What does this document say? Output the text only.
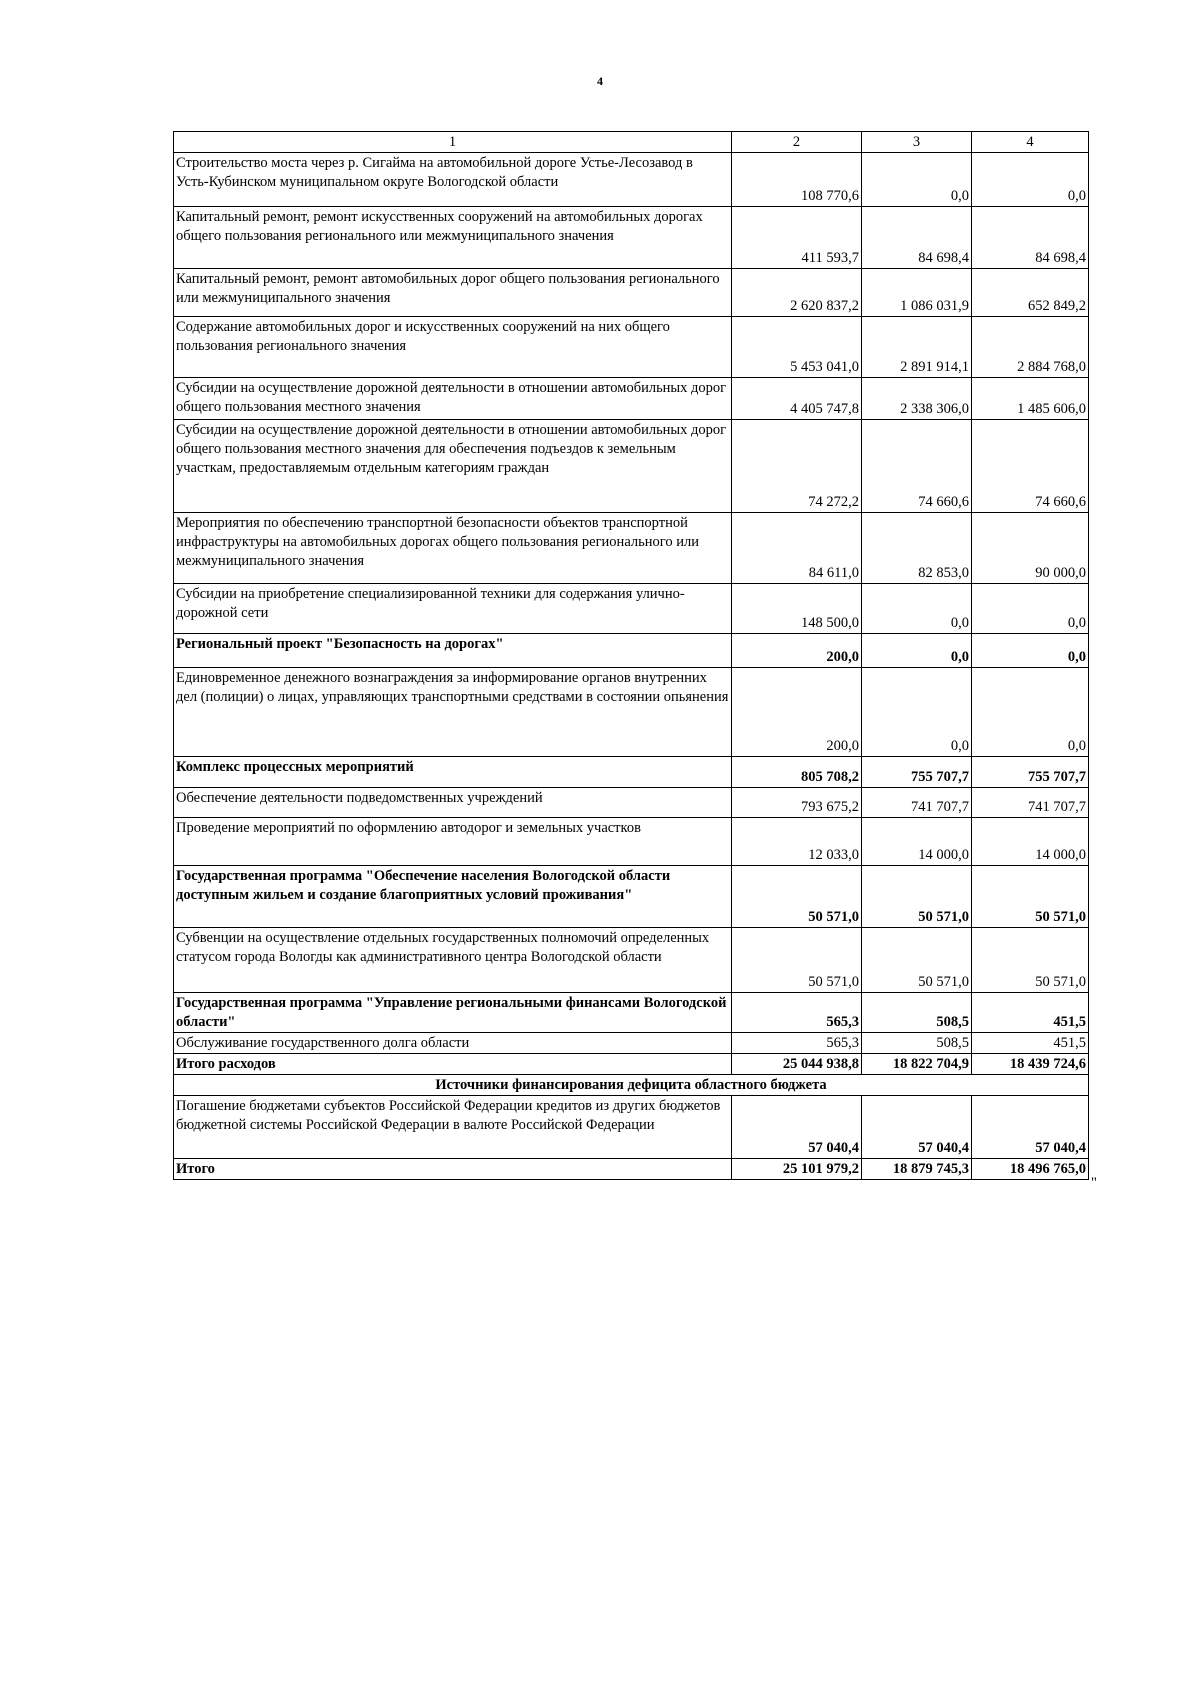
4
1	2	3	4
Строительство моста через р. Сигайма на автомобильной дороге Устье-Лесозавод в Усть-Кубинском муниципальном округе Вологодской области	108 770,6	0,0	0,0
Капитальный ремонт, ремонт искусственных сооружений на автомобильных дорогах общего пользования регионального или межмуниципального значения	411 593,7	84 698,4	84 698,4
Капитальный ремонт, ремонт автомобильных дорог общего пользования регионального или межмуниципального значения	2 620 837,2	1 086 031,9	652 849,2
Содержание автомобильных дорог и искусственных сооружений на них общего пользования регионального значения	5 453 041,0	2 891 914,1	2 884 768,0
Субсидии на осуществление дорожной деятельности в отношении автомобильных дорог общего пользования местного значения	4 405 747,8	2 338 306,0	1 485 606,0
Субсидии на осуществление дорожной деятельности в отношении автомобильных дорог общего пользования местного значения для обеспечения подъездов к земельным участкам, предоставляемым отдельным категориям граждан	74 272,2	74 660,6	74 660,6
Мероприятия по обеспечению транспортной безопасности объектов транспортной инфраструктуры на автомобильных дорогах общего пользования регионального или межмуниципального значения	84 611,0	82 853,0	90 000,0
Субсидии на приобретение специализированной техники для содержания улично-дорожной сети	148 500,0	0,0	0,0
Региональный проект "Безопасность на дорогах"	200,0	0,0	0,0
Единовременное денежного вознаграждения за информирование органов внутренних дел (полиции) о лицах, управляющих транспортными средствами в состоянии опьянения	200,0	0,0	0,0
Комплекс процессных мероприятий	805 708,2	755 707,7	755 707,7
Обеспечение деятельности подведомственных учреждений	793 675,2	741 707,7	741 707,7
Проведение мероприятий по оформлению автодорог и земельных участков	12 033,0	14 000,0	14 000,0
Государственная программа "Обеспечение населения Вологодской области доступным жильем и создание благоприятных условий проживания"	50 571,0	50 571,0	50 571,0
Субвенции на осуществление отдельных государственных полномочий определенных статусом города Вологды как административного центра Вологодской области	50 571,0	50 571,0	50 571,0
Государственная программа "Управление региональными финансами Вологодской области"	565,3	508,5	451,5
Обслуживание государственного долга области	565,3	508,5	451,5
Итого расходов	25 044 938,8	18 822 704,9	18 439 724,6
Источники финансирования дефицита областного бюджета			
Погашение бюджетами субъектов Российской Федерации кредитов из других бюджетов бюджетной системы Российской Федерации в валюте Российской Федерации	57 040,4	57 040,4	57 040,4
Итого	25 101 979,2	18 879 745,3	18 496 765,0
"
